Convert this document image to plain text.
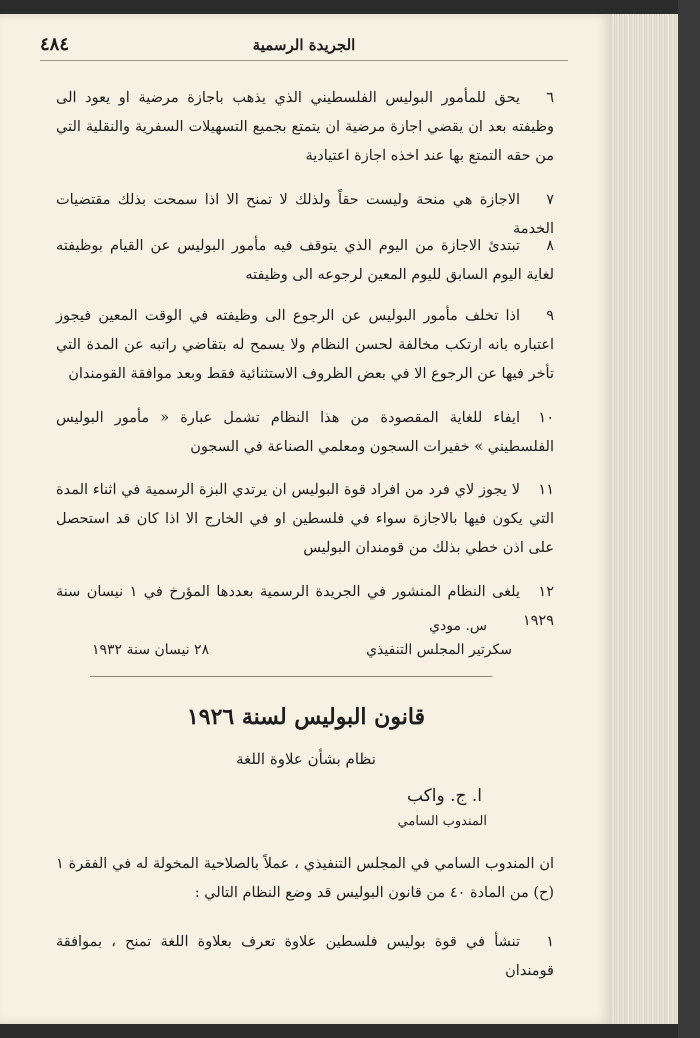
الجريدة الرسمية
٤٨٤
٦يحق للمأمور البوليس الفلسطيني الذي يذهب باجازة مرضية او يعود الى وظيفته بعد ان يقضي اجازة مرضية ان يتمتع بجميع التسهيلات السفرية والنقلية التي من حقه التمتع بها عند اخذه اجازة اعتيادية
٧الاجازة هي منحة وليست حقاً ولذلك لا تمنح الا اذا سمحت بذلك مقتضيات الخدمة
٨تبتدئ الاجازة من اليوم الذي يتوقف فيه مأمور البوليس عن القيام بوظيفته لغاية اليوم السابق لليوم المعين لرجوعه الى وظيفته
٩اذا تخلف مأمور البوليس عن الرجوع الى وظيفته في الوقت المعين فيجوز اعتباره بانه ارتكب مخالفة لحسن النظام ولا يسمح له بتقاضي راتبه عن المدة التي تأخر فيها عن الرجوع الا في بعض الظروف الاستثنائية فقط وبعد موافقة القومندان
١٠ايفاء للغاية المقصودة من هذا النظام تشمل عبارة « مأمور البوليس الفلسطيني » خفيرات السجون ومعلمي الصناعة في السجون
١١لا يجوز لاي فرد من افراد قوة البوليس ان يرتدي البزة الرسمية في اثناء المدة التي يكون فيها بالاجازة سواء في فلسطين او في الخارج الا اذا كان قد استحصل على اذن خطي بذلك من قومندان البوليس
١٢يلغى النظام المنشور في الجريدة الرسمية بعددها المؤرخ في ١ نيسان سنة ١٩٢٩
س. مودي
سكرتير المجلس التنفيذي
٢٨ نيسان سنة ١٩٣٢
قانون البوليس لسنة ١٩٢٦
نظام بشأن علاوة اللغة
ا. ج. واكب
المندوب السامي
ان المندوب السامي في المجلس التنفيذي ، عملاً بالصلاحية المخولة له في الفقرة ١ (ح) من المادة ٤٠ من قانون البوليس قد وضع النظام التالي :
١تنشأ في قوة بوليس فلسطين علاوة تعرف بعلاوة اللغة تمنح ، بموافقة قومندان
